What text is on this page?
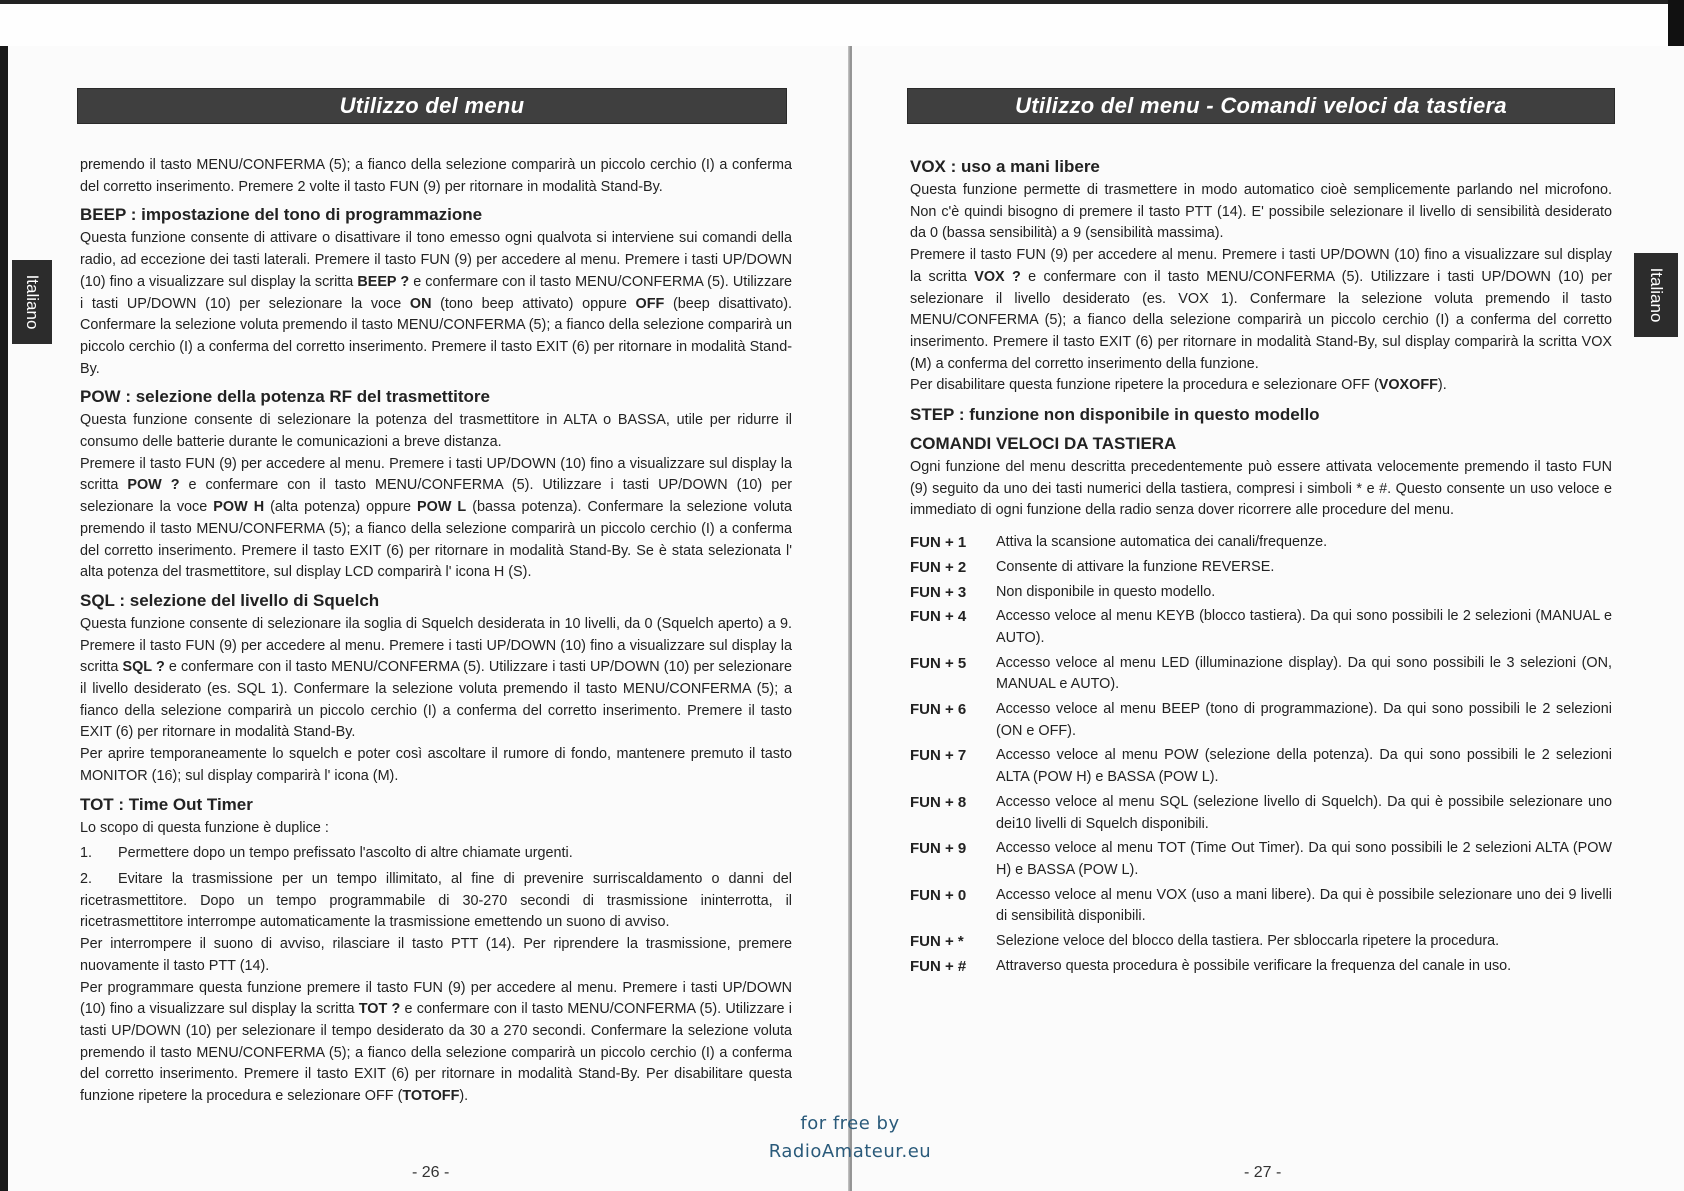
Utilizzo del menu
Italiano

premendo il tasto MENU/CONFERMA (5); a fianco della selezione comparirà un piccolo cerchio (I) a conferma del corretto inserimento. Premere 2 volte il tasto FUN (9) per ritornare in modalità Stand-By.

BEEP : impostazione del tono di programmazione

Questa funzione consente di attivare o disattivare il tono emesso ogni qualvota si interviene sui comandi della radio, ad eccezione dei tasti laterali. Premere il tasto FUN (9) per accedere al menu. Premere i tasti UP/DOWN (10) fino a visualizzare sul display la scritta BEEP ? e confermare con il tasto MENU/CONFERMA (5). Utilizzare i tasti UP/DOWN (10) per selezionare la voce ON (tono beep attivato) oppure OFF (beep disattivato). Confermare la selezione voluta premendo il tasto MENU/CONFERMA (5); a fianco della selezione comparirà un piccolo cerchio (I) a conferma del corretto inserimento. Premere il tasto EXIT (6) per ritornare in modalità Stand-By.

POW : selezione della potenza RF del trasmettitore

Questa funzione consente di selezionare la potenza del trasmettitore in ALTA o BASSA, utile per ridurre il consumo delle batterie durante le comunicazioni a breve distanza.

Premere il tasto FUN (9) per accedere al menu. Premere i tasti UP/DOWN (10) fino a visualizzare sul display la scritta POW ? e confermare con il tasto MENU/CONFERMA (5). Utilizzare i tasti UP/DOWN (10) per selezionare la voce POW H (alta potenza) oppure POW L (bassa potenza). Confermare la selezione voluta premendo il tasto MENU/CONFERMA (5); a fianco della selezione comparirà un piccolo cerchio (I) a conferma del corretto inserimento. Premere il tasto EXIT (6) per ritornare in modalità Stand-By. Se è stata selezionata l' alta potenza del trasmettitore, sul display LCD comparirà l' icona H (S).

SQL : selezione del livello di Squelch

Questa funzione consente di selezionare ila soglia di Squelch desiderata in 10 livelli, da 0 (Squelch aperto) a 9. Premere il tasto FUN (9) per accedere al menu. Premere i tasti UP/DOWN (10) fino a visualizzare sul display la scritta SQL ? e confermare con il tasto MENU/CONFERMA (5). Utilizzare i tasti UP/DOWN (10) per selezionare il livello desiderato (es. SQL 1). Confermare la selezione voluta premendo il tasto MENU/CONFERMA (5); a fianco della selezione comparirà un piccolo cerchio (I) a conferma del corretto inserimento. Premere il tasto EXIT (6) per ritornare in modalità Stand-By.

Per aprire temporaneamente lo squelch e poter così ascoltare il rumore di fondo, mantenere premuto il tasto MONITOR (16); sul display comparirà l' icona (M).

TOT : Time Out Timer

Lo scopo di questa funzione è duplice :

1.	Permettere dopo un tempo prefissato l'ascolto di altre chiamate urgenti.

2. Evitare la trasmissione per un tempo illimitato, al fine di prevenire surriscaldamento o danni del ricetrasmettitore. Dopo un tempo programmabile di 30-270 secondi di trasmissione ininterrotta, il ricetrasmettitore interrompe automaticamente la trasmissione emettendo un suono di avviso.

Per interrompere il suono di avviso, rilasciare il tasto PTT (14). Per riprendere la trasmissione, premere nuovamente il tasto PTT (14).

Per programmare questa funzione premere il tasto FUN (9) per accedere al menu. Premere i tasti UP/DOWN (10) fino a visualizzare sul display la scritta TOT ? e confermare con il tasto MENU/CONFERMA (5). Utilizzare i tasti UP/DOWN (10) per selezionare il tempo desiderato da 30 a 270 secondi. Confermare la selezione voluta premendo il tasto MENU/CONFERMA (5); a fianco della selezione comparirà un piccolo cerchio (I) a conferma del corretto inserimento. Premere il tasto EXIT (6) per ritornare in modalità Stand-By. Per disabilitare questa funzione ripetere la procedura e selezionare OFF (TOTOFF).

- 26 -
Utilizzo del menu - Comandi veloci da tastiera
Italiano
VOX : uso a mani libere

Questa funzione permette di trasmettere in modo automatico cioè semplicemente parlando nel microfono. Non c'è quindi bisogno di premere il tasto PTT (14). E' possibile selezionare il livello di sensibilità desiderato da 0 (bassa sensibilità) a 9 (sensibilità massima).

Premere il tasto FUN (9) per accedere al menu. Premere i tasti UP/DOWN (10) fino a visualizzare sul display la scritta VOX ? e confermare con il tasto MENU/CONFERMA (5). Utilizzare i tasti UP/DOWN (10) per selezionare il livello desiderato (es. VOX 1). Confermare la selezione voluta premendo il tasto MENU/CONFERMA (5); a fianco della selezione comparirà un piccolo cerchio (I) a conferma del corretto inserimento. Premere il tasto EXIT (6) per ritornare in modalità Stand-By, sul display comparirà la scritta VOX (M) a conferma del corretto inserimento della funzione.

Per disabilitare questa funzione ripetere la procedura e selezionare OFF (VOXOFF).

STEP : funzione non disponibile in questo modello
COMANDI VELOCI DA TASTIERA

Ogni funzione del menu descritta precedentemente può essere attivata velocemente premendo il tasto FUN (9) seguito da uno dei tasti numerici della tastiera, compresi i simboli * e #. Questo consente un uso veloce e immediato di ogni funzione della radio senza dover ricorrere alle procedure del menu.

FUN + 1	Attiva la scansione automatica dei canali/frequenze.
FUN + 2	Consente di attivare la funzione REVERSE.
FUN + 3	Non disponibile in questo modello.
FUN + 4	Accesso veloce al menu KEYB (blocco tastiera). Da qui sono possibili le 2 selezioni (MANUAL e AUTO).
FUN + 5	Accesso veloce al menu LED (illuminazione display). Da qui sono possibili le 3 selezioni (ON, MANUAL e AUTO).
FUN + 6	Accesso veloce al menu BEEP (tono di programmazione). Da qui sono possibili le 2 selezioni (ON e OFF).
FUN + 7	Accesso veloce al menu POW (selezione della potenza). Da qui sono possibili le 2 selezioni ALTA (POW H) e BASSA (POW L).
FUN + 8	Accesso veloce al menu SQL (selezione livello di Squelch). Da qui è possibile selezionare uno dei10 livelli di Squelch disponibili.
FUN + 9	Accesso veloce al menu TOT (Time Out Timer). Da qui sono possibili le 2 selezioni ALTA (POW H) e BASSA (POW L).
FUN + 0	Accesso veloce al menu VOX (uso a mani libere). Da qui è possibile selezionare uno dei 9 livelli di sensibilità disponibili.
FUN + *	Selezione veloce del blocco della tastiera. Per sbloccarla ripetere la procedura.
FUN + #	Attraverso questa procedura è possibile verificare la frequenza del canale in uso.
- 27 -
for free by
RadioAmateur.eu
